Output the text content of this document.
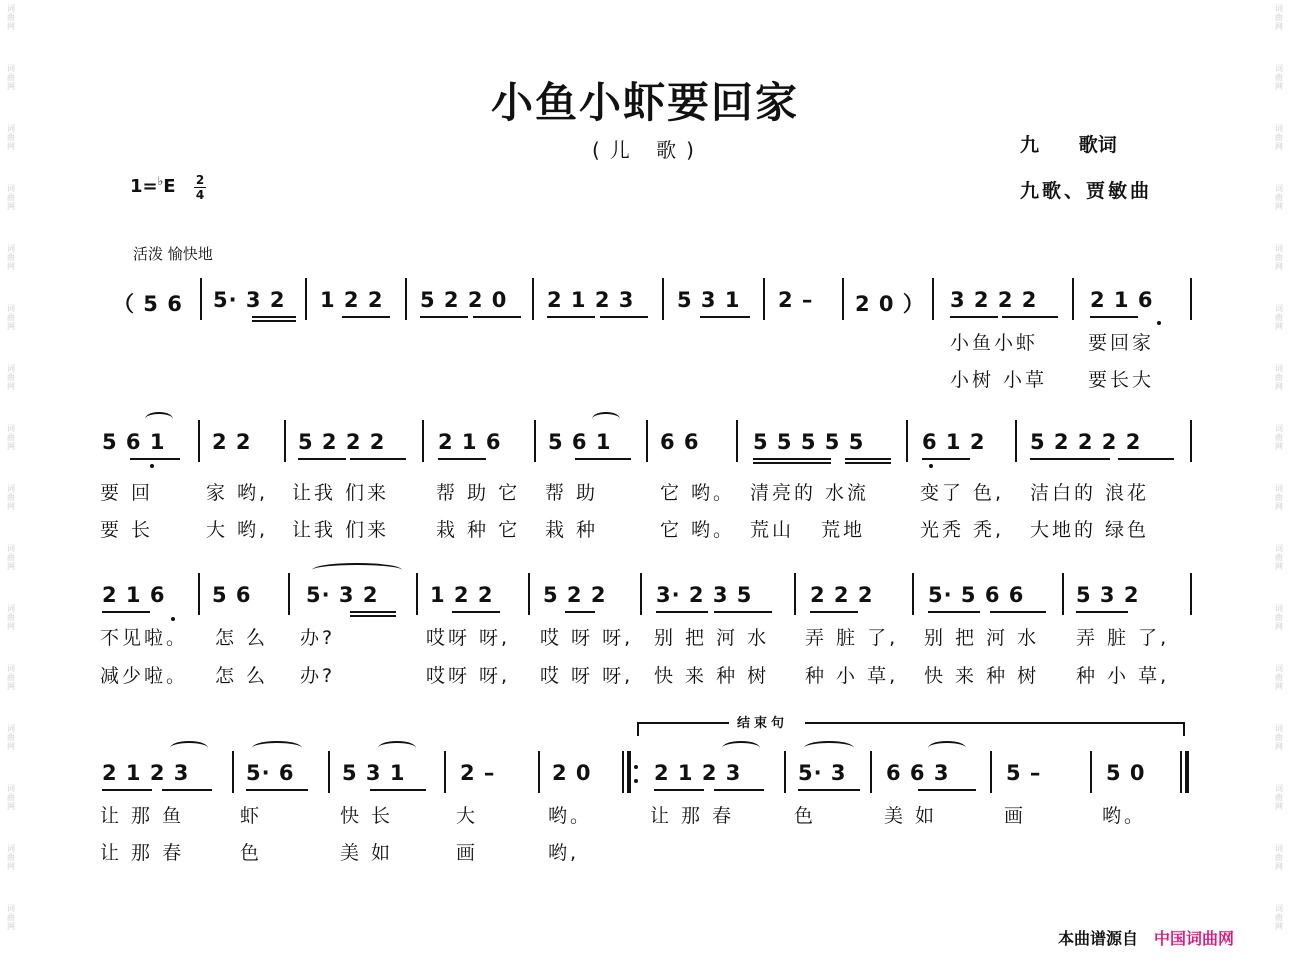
词
曲
网
词
曲
网
词
曲
网
词
曲
网
词
曲
网
词
曲
网
词
曲
网
词
曲
网
词
曲
网
词
曲
网
词
曲
网
词
曲
网
词
曲
网
词
曲
网
词
曲
网
词
曲
网
词
曲
网
词
曲
网
词
曲
网
词
曲
网
词
曲
网
词
曲
网
词
曲
网
词
曲
网
词
曲
网
词
曲
网
词
曲
网
词
曲
网
词
曲
网
词
曲
网
词
曲
网
词
曲
网
小鱼小虾要回家
(儿 歌)	九      歌词
九歌、贾敏曲
1=♭E 2
4
活泼 愉快地
（ 5 6 5· 3 2 1 2 2 5 2 2 0 2 1 2 3 5 3 1 2 – 2 0 ） 3 2 2 2	2 1 6
小鱼小虾	要回家
小树 小草 要长大
5 6 1 2 2 5 2 2 2	2 1 6 5 6 1 6 6	5 5 5 5 5	6 1 2 5 2 2 2 2
要 回	家 哟, 让我 们来 帮 助 它 帮 助	它 哟。 清亮的 水流	变了 色, 洁白的 浪花
要 长	大 哟, 让我 们来 栽 种 它 栽 种	它 哟。 荒山   荒地	光秃 秃, 大地的 绿色
2 1 6 5 6	5· 3 2 1 2 2 5 2 2 3· 2 3 5	2 2 2	5· 5 6 6 5 3 2
不见啦。 怎 么 办?	哎呀 呀, 哎 呀 呀, 别 把 河 水 弄 脏 了, 别 把 河 水 弄 脏 了,
减少啦。 怎 么 办?	哎呀 呀, 哎 呀 呀, 快 来 种 树 种 小 草, 快 来 种 树 种 小 草,
结束句
2 1 2 3	5· 6 5 3 1	2 –	2 0	2 1 2 3	5· 3 6 6 3	5 –	5 0
让 那 鱼	虾	快 长	大	哟。	让 那 春	色	美 如	画	哟。
让 那 春	色	美 如	画	哟,
本曲谱源自 中国词曲网
